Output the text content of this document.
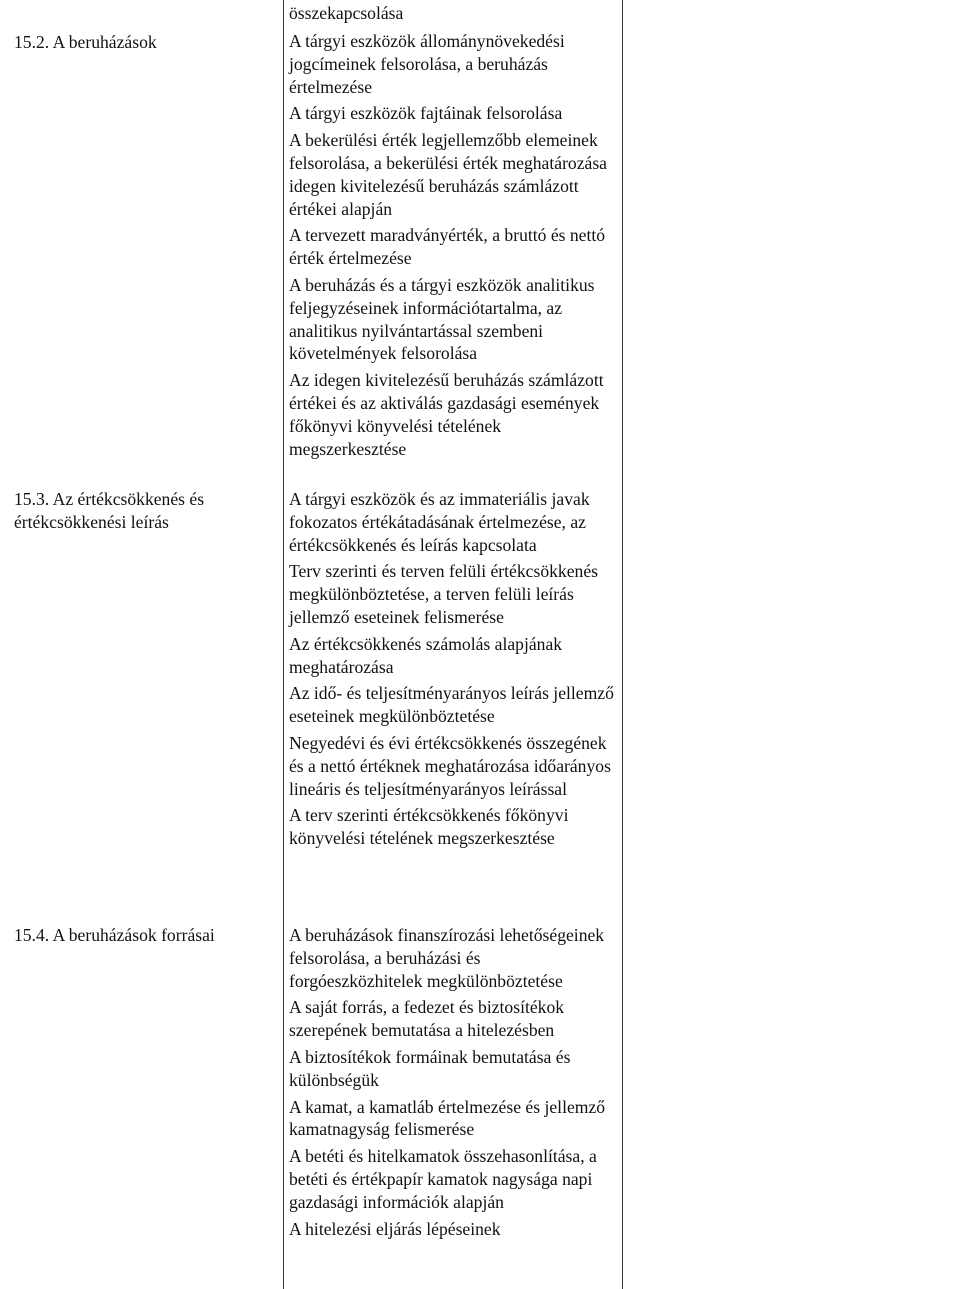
15.2. A beruházások
15.3. Az értékcsökkenés és értékcsökkenési leírás
15.4. A beruházások forrásai
összekapcsolása
A tárgyi eszközök állománynövekedési jogcímeinek felsorolása, a beruházás értelmezése
A tárgyi eszközök fajtáinak felsorolása
A bekerülési érték legjellemzőbb elemeinek felsorolása, a bekerülési érték meghatározása idegen kivitelezésű beruházás számlázott értékei alapján
A tervezett maradványérték, a bruttó és nettó érték értelmezése
A beruházás és a tárgyi eszközök analitikus feljegyzéseinek információtartalma, az analitikus nyilvántartással szembeni követelmények felsorolása
Az idegen kivitelezésű beruházás számlázott értékei és az aktiválás gazdasági események főkönyvi könyvelési tételének megszerkesztése
A tárgyi eszközök és az immateriális javak fokozatos értékátadásának értelmezése, az értékcsökkenés és leírás kapcsolata
Terv szerinti és terven felüli értékcsökkenés megkülönböztetése, a terven felüli leírás jellemző eseteinek felismerése
Az értékcsökkenés számolás alapjának meghatározása
Az idő- és teljesítményarányos leírás jellemző eseteinek megkülönböztetése
Negyedévi és évi értékcsökkenés összegének és a nettó értéknek meghatározása időarányos lineáris és teljesítményarányos leírással
A terv szerinti értékcsökkenés főkönyvi könyvelési tételének megszerkesztése
A beruházások finanszírozási lehetőségeinek felsorolása, a beruházási és forgóeszközhitelek megkülönböztetése
A saját forrás, a fedezet és biztosítékok szerepének bemutatása a hitelezésben
A biztosítékok formáinak bemutatása és különbségük
A kamat, a kamatláb értelmezése és jellemző kamatnagyság felismerése
A betéti és hitelkamatok összehasonlítása, a betéti és értékpapír kamatok nagysága napi gazdasági információk alapján
A hitelezési eljárás lépéseinek
